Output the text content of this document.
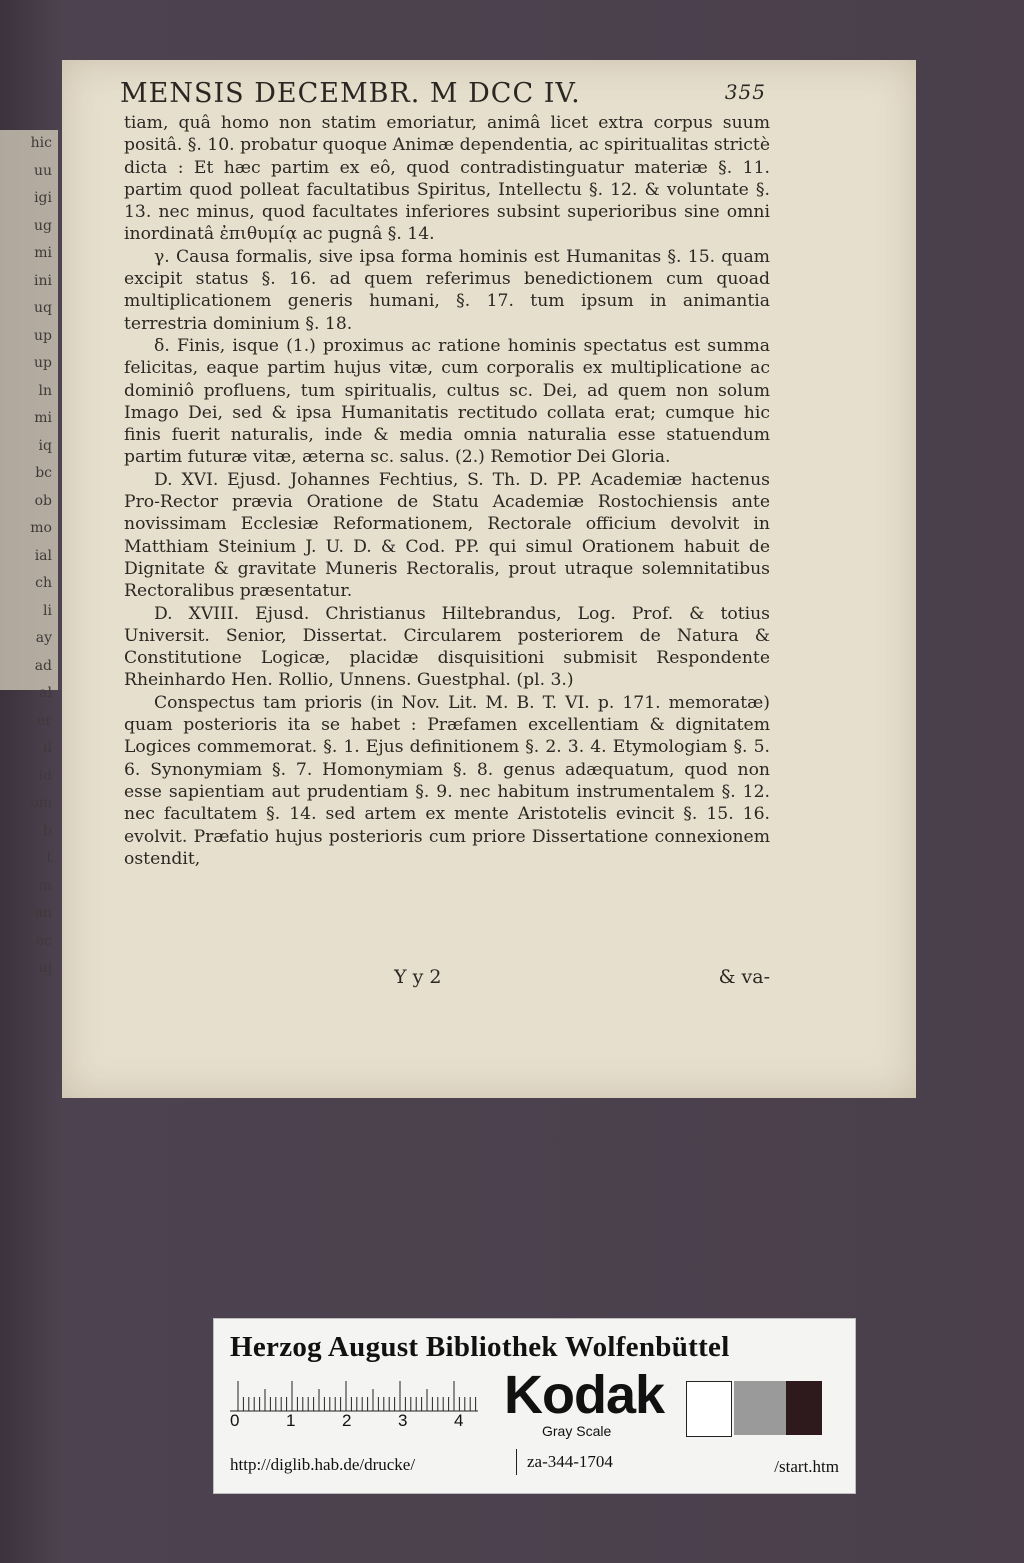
hic
uu
igi
ug
mi
ini
uq
up
up
ln
mi
iq
bc
ob
mo
ial
ch
li
ay
ad
al
er
il
id
om
b
t
m
an
ec
uj
MENSIS DECEMBR. M DCC IV.	355

tiam, quâ homo non statim emoriatur, animâ licet extra corpus suum positâ. §. 10. probatur quoque Animæ dependentia, ac spiritualitas strictè dicta : Et hæc partim ex eô, quod contradistinguatur materiæ §. 11. partim quod polleat facultatibus Spiritus, Intellectu §. 12. & voluntate §. 13. nec minus, quod facultates inferiores subsint superioribus sine omni inordinatâ ἐπιθυμίᾳ ac pugnâ §. 14.

γ. Causa formalis, sive ipsa forma hominis est Humanitas §. 15. quam excipit status §. 16. ad quem referimus benedictionem cum quoad multiplicationem generis humani, §. 17. tum ipsum in animantia terrestria dominium §. 18.

δ. Finis, isque (1.) proximus ac ratione hominis spectatus est summa felicitas, eaque partim hujus vitæ, cum corporalis ex multiplicatione ac dominiô profluens, tum spiritualis, cultus sc. Dei, ad quem non solum Imago Dei, sed & ipsa Humanitatis rectitudo collata erat; cumque hic finis fuerit naturalis, inde & media omnia naturalia esse statuendum partim futuræ vitæ, æterna sc. salus. (2.) Remotior Dei Gloria.

D. XVI. Ejusd. Johannes Fechtius, S. Th. D. PP. Academiæ hactenus Pro-Rector prævia Oratione de Statu Academiæ Rostochiensis ante novissimam Ecclesiæ Reformationem, Rectorale officium devolvit in Matthiam Steinium J. U. D. & Cod. PP. qui simul Orationem habuit de Dignitate & gravitate Muneris Rectoralis, prout utraque solemnitatibus Rectoralibus præsentatur.

D. XVIII. Ejusd. Christianus Hiltebrandus, Log. Prof. & totius Universit. Senior, Dissertat. Circularem posteriorem de Natura & Constitutione Logicæ, placidæ disquisitioni submisit Respondente Rheinhardo Hen. Rollio, Unnens. Guestphal. (pl. 3.)

Conspectus tam prioris (in Nov. Lit. M. B. T. VI. p. 171. memoratæ) quam posterioris ita se habet : Præfamen excellentiam & dignitatem Logices commemorat. §. 1. Ejus definitionem §. 2. 3. 4. Etymologiam §. 5. 6. Synonymiam §. 7. Homonymiam §. 8. genus adæquatum, quod non esse sapientiam aut prudentiam §. 9. nec habitum instrumentalem §. 12. nec facultatem §. 14. sed artem ex mente Aristotelis evincit §. 15. 16. evolvit. Præfatio hujus posterioris cum priore Dissertatione connexionem ostendit,

Y y 2	& va-
Herzog August Bibliothek Wolfenbüttel
0	1	2	3	4 Kodak
Gray Scale
http://diglib.hab.de/drucke/	za-344-1704	/start.htm
